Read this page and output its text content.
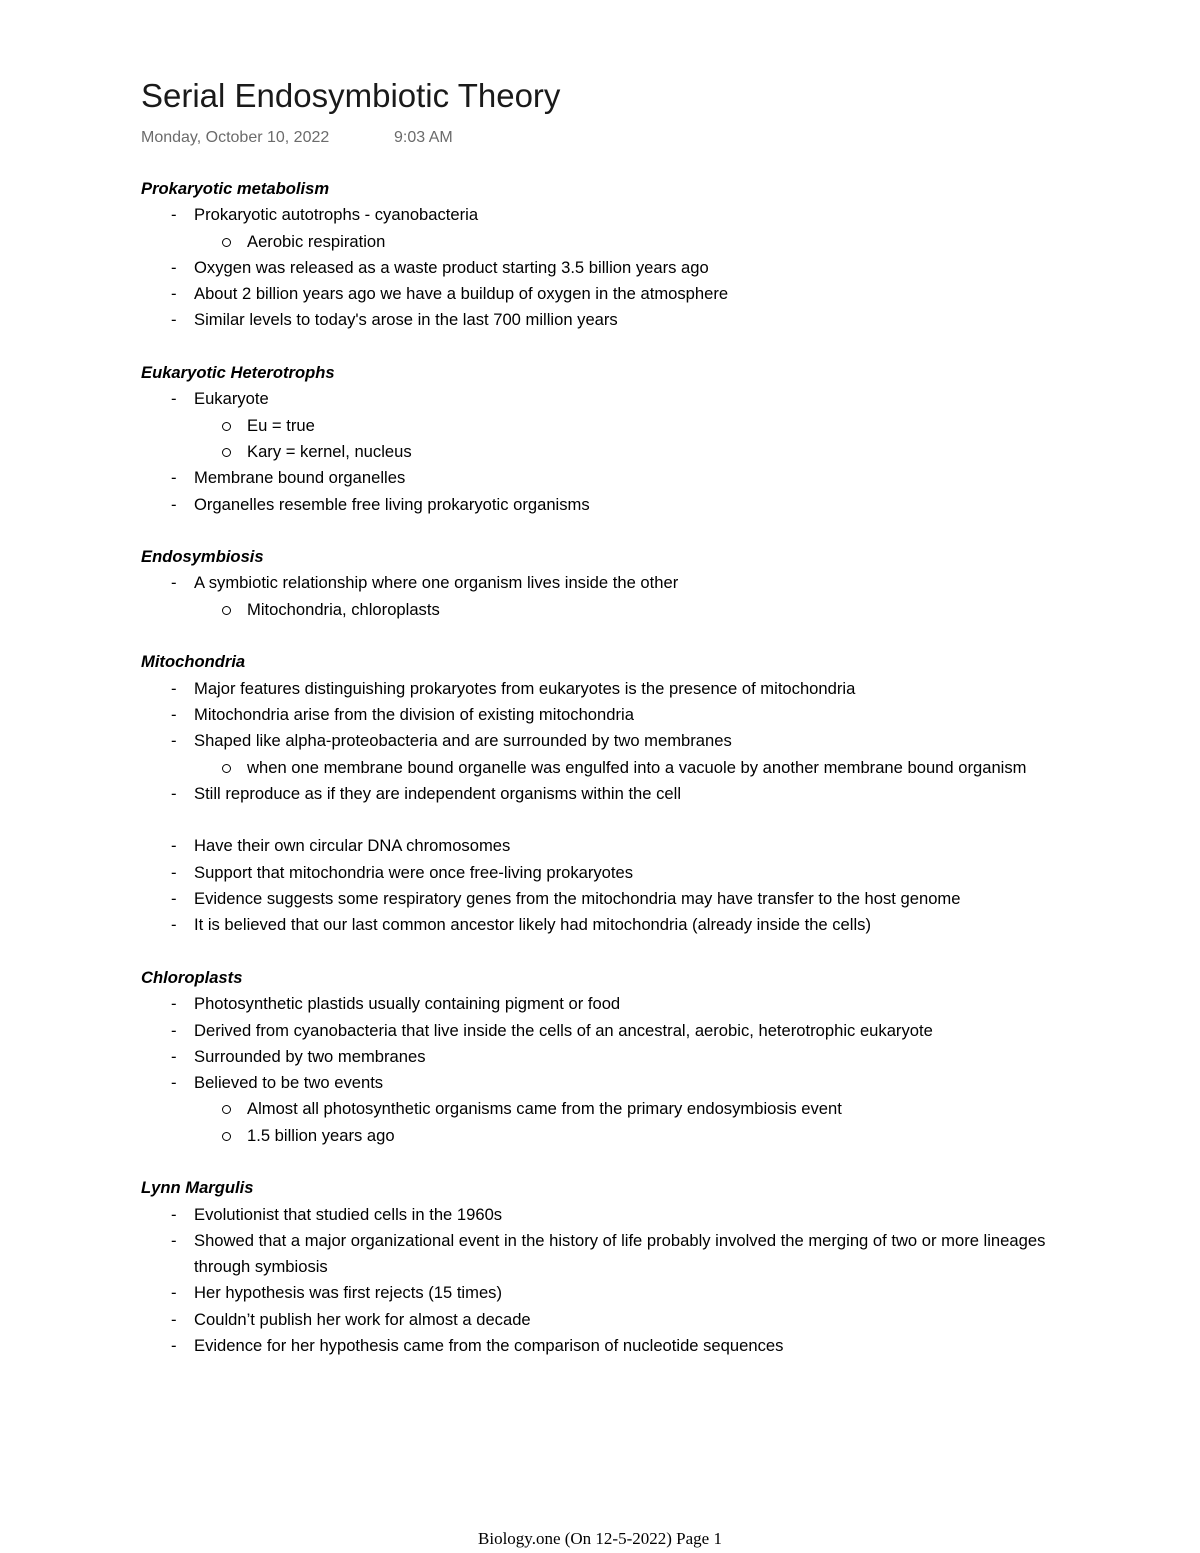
Serial Endosymbiotic Theory
Monday, October 10, 2022	9:03 AM
Prokaryotic metabolism
- Prokaryotic autotrophs - cyanobacteria
Aerobic respiration
- Oxygen was released as a waste product starting 3.5 billion years ago
- About 2 billion years ago we have a buildup of oxygen in the atmosphere
- Similar levels to today's arose in the last 700 million years
Eukaryotic Heterotrophs
- Eukaryote
Eu = true
Kary = kernel, nucleus
- Membrane bound organelles
- Organelles resemble free living prokaryotic organisms
Endosymbiosis
- A symbiotic relationship where one organism lives inside the other
Mitochondria, chloroplasts
Mitochondria
- Major features distinguishing prokaryotes from eukaryotes is the presence of mitochondria
- Mitochondria arise from the division of existing mitochondria
- Shaped like alpha-proteobacteria and are surrounded by two membranes
when one membrane bound organelle was engulfed into a vacuole by another membrane bound organism
- Still reproduce as if they are independent organisms within the cell
- Have their own circular DNA chromosomes
- Support that mitochondria were once free-living prokaryotes
- Evidence suggests some respiratory genes from the mitochondria may have transfer to the host genome
- It is believed that our last common ancestor likely had mitochondria (already inside the cells)
Chloroplasts
- Photosynthetic plastids usually containing pigment or food
- Derived from cyanobacteria that live inside the cells of an ancestral, aerobic, heterotrophic eukaryote
- Surrounded by two membranes
- Believed to be two events
Almost all photosynthetic organisms came from the primary endosymbiosis event
1.5 billion years ago
Lynn Margulis
- Evolutionist that studied cells in the 1960s
- Showed that a major organizational event in the history of life probably involved the merging of two or more lineages through symbiosis
- Her hypothesis was first rejects (15 times)
- Couldn’t publish her work for almost a decade
- Evidence for her hypothesis came from the comparison of nucleotide sequences
Biology.one (On 12-5-2022) Page 1
